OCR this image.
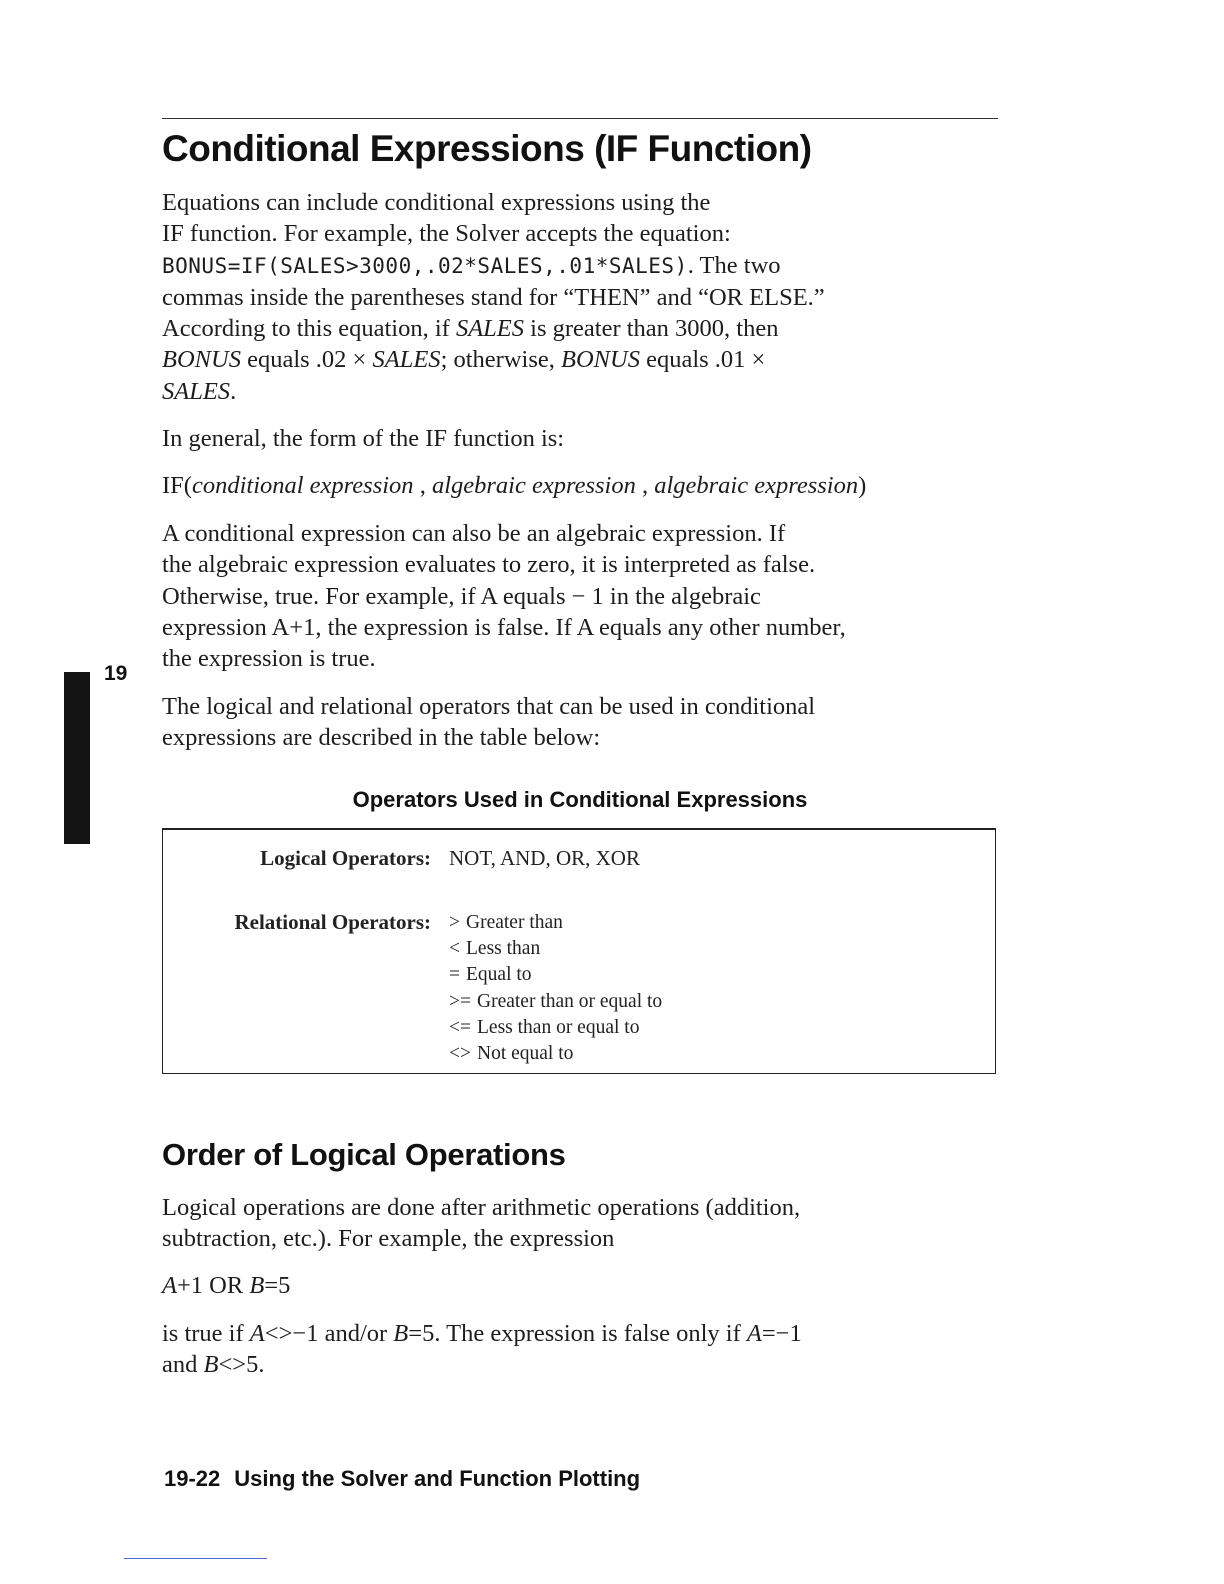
Conditional Expressions (IF Function)
Equations can include conditional expressions using the
IF function. For example, the Solver accepts the equation:
BONUS=IF(SALES>3000,.02*SALES,.01*SALES). The two
commas inside the parentheses stand for “THEN” and “OR ELSE.”
According to this equation, if SALES is greater than 3000, then
BONUS equals .02 × SALES; otherwise, BONUS equals .01 ×
SALES.
In general, the form of the IF function is:
IF(conditional expression , algebraic expression , algebraic expression)
A conditional expression can also be an algebraic expression. If
the algebraic expression evaluates to zero, it is interpreted as false.
Otherwise, true. For example, if A equals − 1 in the algebraic
expression A+1, the expression is false. If A equals any other number,
the expression is true.
19
The logical and relational operators that can be used in conditional
expressions are described in the table below:
Operators Used in Conditional Expressions
Logical Operators: NOT, AND, OR, XOR
Relational Operators: > Greater than
< Less than
= Equal to
>= Greater than or equal to
<= Less than or equal to
<> Not equal to
Order of Logical Operations
Logical operations are done after arithmetic operations (addition,
subtraction, etc.). For example, the expression
A+1 OR B=5
is true if A<>−1 and/or B=5. The expression is false only if A=−1
and B<>5.
19-22 Using the Solver and Function Plotting
